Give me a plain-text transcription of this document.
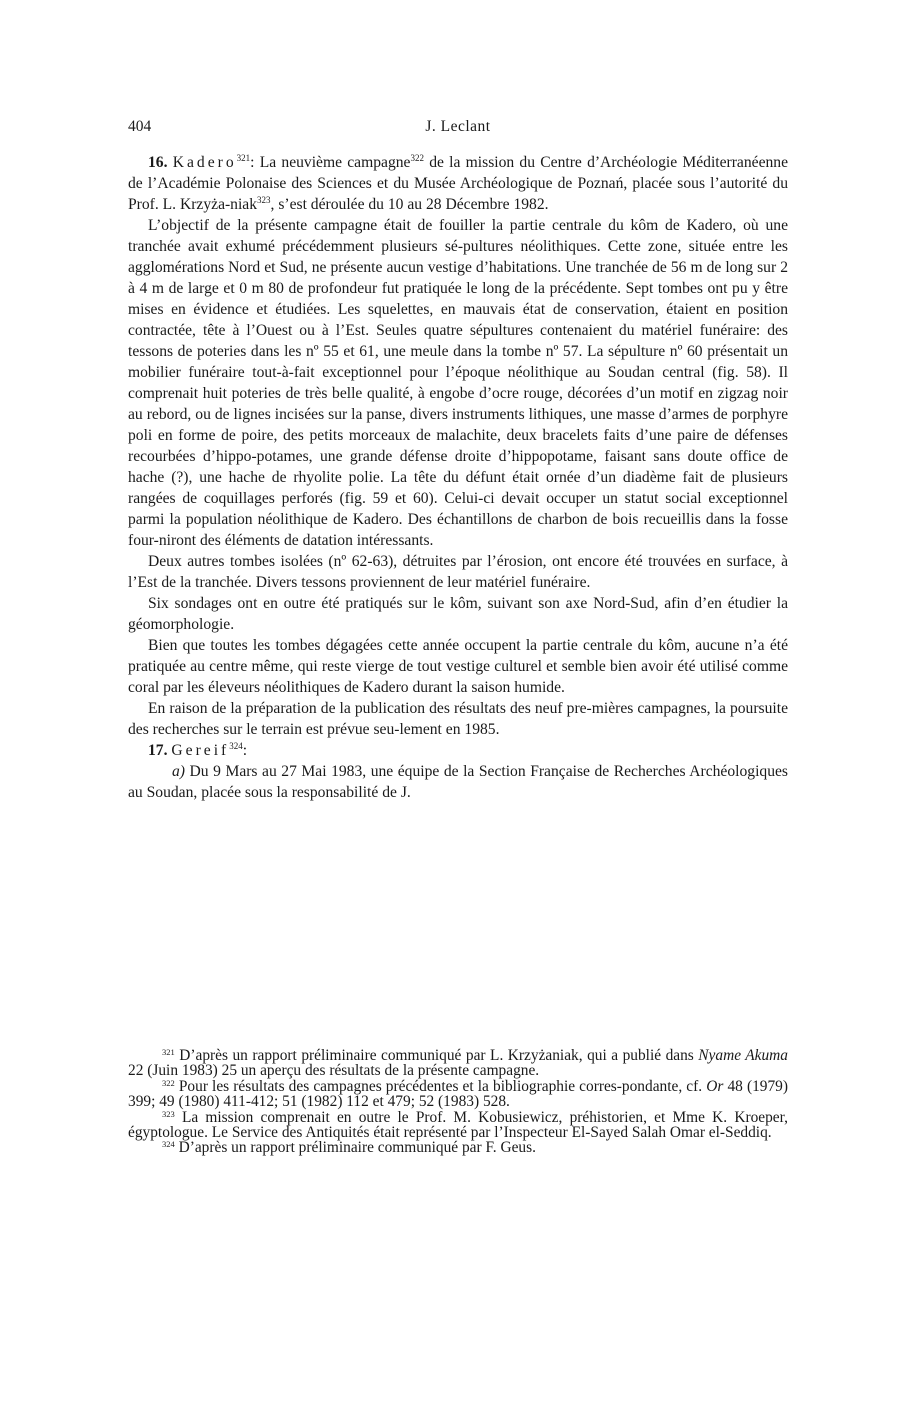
404	J. Leclant

16. Kadero$^{321}$: La neuvième campagne$^{322}$ de la mission du Centre d’Archéologie Méditerranéenne de l’Académie Polonaise des Sciences et du Musée Archéologique de Poznań, placée sous l’autorité du Prof. L. Krzyża-niak$^{323}$, s’est déroulée du 10 au 28 Décembre 1982.

L’objectif de la présente campagne était de fouiller la partie centrale du kôm de Kadero, où une tranchée avait exhumé précédemment plusieurs sé-pultures néolithiques. Cette zone, située entre les agglomérations Nord et Sud, ne présente aucun vestige d’habitations. Une tranchée de 56 m de long sur 2 à 4 m de large et 0 m 80 de profondeur fut pratiquée le long de la précédente. Sept tombes ont pu y être mises en évidence et étudiées. Les squelettes, en mauvais état de conservation, étaient en position contractée, tête à l’Ouest ou à l’Est. Seules quatre sépultures contenaient du matériel funéraire: des tessons de poteries dans les nº 55 et 61, une meule dans la tombe nº 57. La sépulture nº 60 présentait un mobilier funéraire tout-à-fait exceptionnel pour l’époque néolithique au Soudan central (fig. 58). Il comprenait huit poteries de très belle qualité, à engobe d’ocre rouge, décorées d’un motif en zigzag noir au rebord, ou de lignes incisées sur la panse, divers instruments lithiques, une masse d’armes de porphyre poli en forme de poire, des petits morceaux de malachite, deux bracelets faits d’une paire de défenses recourbées d’hippo-potames, une grande défense droite d’hippopotame, faisant sans doute office de hache (?), une hache de rhyolite polie. La tête du défunt était ornée d’un diadème fait de plusieurs rangées de coquillages perforés (fig. 59 et 60). Celui-ci devait occuper un statut social exceptionnel parmi la population néolithique de Kadero. Des échantillons de charbon de bois recueillis dans la fosse four-niront des éléments de datation intéressants.

Deux autres tombes isolées (nº 62-63), détruites par l’érosion, ont encore été trouvées en surface, à l’Est de la tranchée. Divers tessons proviennent de leur matériel funéraire.

Six sondages ont en outre été pratiqués sur le kôm, suivant son axe Nord-Sud, afin d’en étudier la géomorphologie.

Bien que toutes les tombes dégagées cette année occupent la partie centrale du kôm, aucune n’a été pratiquée au centre même, qui reste vierge de tout vestige culturel et semble bien avoir été utilisé comme coral par les éleveurs néolithiques de Kadero durant la saison humide.

En raison de la préparation de la publication des résultats des neuf pre-mières campagnes, la poursuite des recherches sur le terrain est prévue seu-lement en 1985.

17. Gereif$^{324}$:

a) Du 9 Mars au 27 Mai 1983, une équipe de la Section Française de Recherches Archéologiques au Soudan, placée sous la responsabilité de J.

$^{321}$ D’après un rapport préliminaire communiqué par L. Krzyżaniak, qui a publié dans Nyame Akuma 22 (Juin 1983) 25 un aperçu des résultats de la présente campagne.

$^{322}$ Pour les résultats des campagnes précédentes et la bibliographie corres-pondante, cf. Or 48 (1979) 399; 49 (1980) 411-412; 51 (1982) 112 et 479; 52 (1983) 528.

$^{323}$ La mission comprenait en outre le Prof. M. Kobusiewicz, préhistorien, et Mme K. Kroeper, égyptologue. Le Service des Antiquités était représenté par l’Inspecteur El-Sayed Salah Omar el-Seddiq.

$^{324}$ D’après un rapport préliminaire communiqué par F. Geus.
